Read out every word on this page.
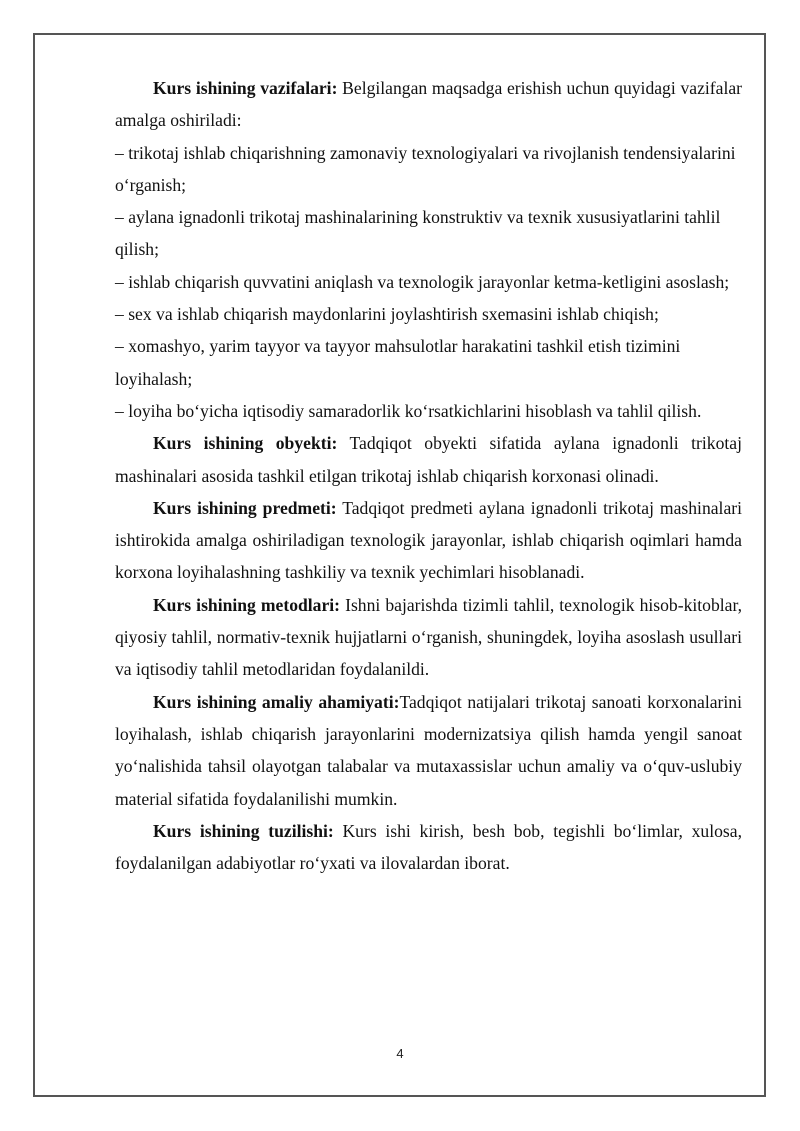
Kurs ishining vazifalari: Belgilangan maqsadga erishish uchun quyidagi vazifalar amalga oshiriladi:

– trikotaj ishlab chiqarishning zamonaviy texnologiyalari va rivojlanish tendensiyalarini o‘rganish;

– aylana ignadonli trikotaj mashinalarining konstruktiv va texnik xususiyatlarini tahlil qilish;

– ishlab chiqarish quvvatini aniqlash va texnologik jarayonlar ketma-ketligini asoslash;

– sex va ishlab chiqarish maydonlarini joylashtirish sxemasini ishlab chiqish;

– xomashyo, yarim tayyor va tayyor mahsulotlar harakatini tashkil etish tizimini loyihalash;

– loyiha bo‘yicha iqtisodiy samaradorlik ko‘rsatkichlarini hisoblash va tahlil qilish.

Kurs ishining obyekti: Tadqiqot obyekti sifatida aylana ignadonli trikotaj mashinalari asosida tashkil etilgan trikotaj ishlab chiqarish korxonasi olinadi.

Kurs ishining predmeti: Tadqiqot predmeti aylana ignadonli trikotaj mashinalari ishtirokida amalga oshiriladigan texnologik jarayonlar, ishlab chiqarish oqimlari hamda korxona loyihalashning tashkiliy va texnik yechimlari hisoblanadi.

Kurs ishining metodlari: Ishni bajarishda tizimli tahlil, texnologik hisob-kitoblar, qiyosiy tahlil, normativ-texnik hujjatlarni o‘rganish, shuningdek, loyiha asoslash usullari va iqtisodiy tahlil metodlaridan foydalanildi.

Kurs ishining amaliy ahamiyati:Tadqiqot natijalari trikotaj sanoati korxonalarini loyihalash, ishlab chiqarish jarayonlarini modernizatsiya qilish hamda yengil sanoat yo‘nalishida tahsil olayotgan talabalar va mutaxassislar uchun amaliy va o‘quv-uslubiy material sifatida foydalanilishi mumkin.

Kurs ishining tuzilishi: Kurs ishi kirish, besh bob, tegishli bo‘limlar, xulosa, foydalanilgan adabiyotlar ro‘yxati va ilovalardan iborat.

4
